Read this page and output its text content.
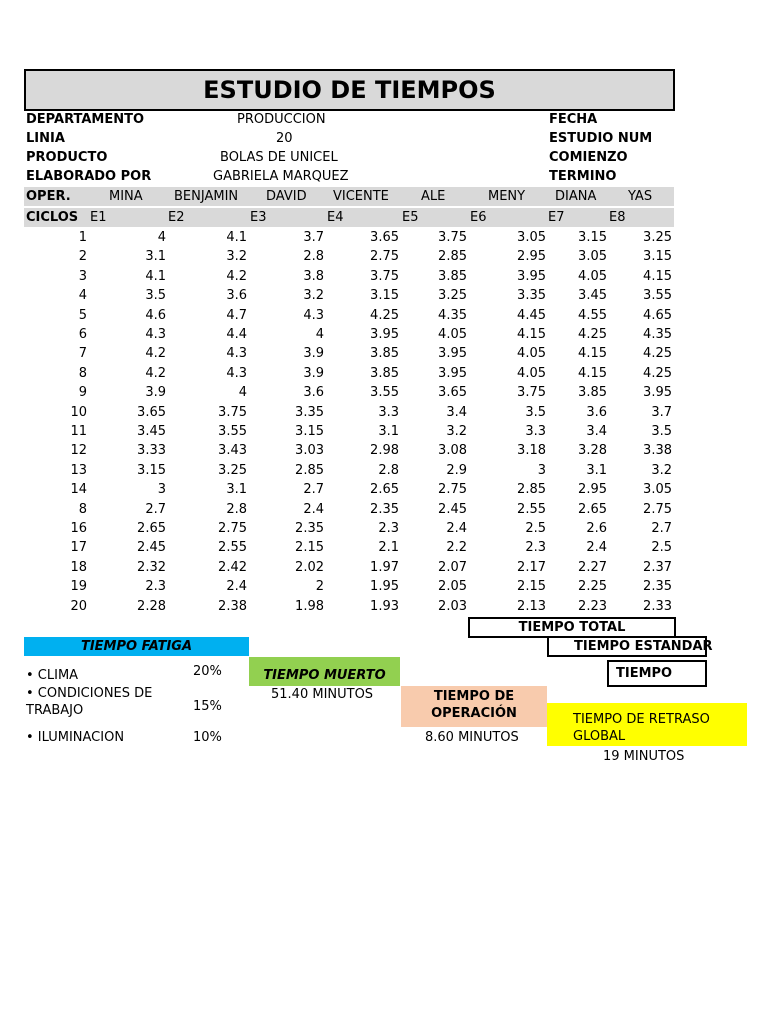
ESTUDIO DE TIEMPOS
DEPARTAMENTO	PRODUCCION	FECHA
LINIA	20	ESTUDIO NUM
PRODUCTO	BOLAS DE UNICEL	COMIENZO
ELABORADO POR	GABRIELA MARQUEZ	TERMINO
OPER.	MINA BENJAMIN DAVID VICENTE ALE	MENY DIANA YAS
CICLOS E1	E2	E3	E4	E5	E6	E7	E8
1	4	4.1	3.7	3.65	3.75	3.05	3.15	3.25
2	3.1	3.2	2.8	2.75	2.85	2.95	3.05	3.15
3	4.1	4.2	3.8	3.75	3.85	3.95	4.05	4.15
4	3.5	3.6	3.2	3.15	3.25	3.35	3.45	3.55
5	4.6	4.7	4.3	4.25	4.35	4.45	4.55	4.65
6	4.3	4.4	4	3.95	4.05	4.15	4.25	4.35
7	4.2	4.3	3.9	3.85	3.95	4.05	4.15	4.25
8	4.2	4.3	3.9	3.85	3.95	4.05	4.15	4.25
9	3.9	4	3.6	3.55	3.65	3.75	3.85	3.95
10	3.65	3.75	3.35	3.3	3.4	3.5	3.6	3.7
11	3.45	3.55	3.15	3.1	3.2	3.3	3.4	3.5
12	3.33	3.43	3.03	2.98	3.08	3.18	3.28	3.38
13	3.15	3.25	2.85	2.8	2.9	3	3.1	3.2
14	3	3.1	2.7	2.65	2.75	2.85	2.95	3.05
8	2.7	2.8	2.4	2.35	2.45	2.55	2.65	2.75
16	2.65	2.75	2.35	2.3	2.4	2.5	2.6	2.7
17	2.45	2.55	2.15	2.1	2.2	2.3	2.4	2.5
18	2.32	2.42	2.02	1.97	2.07	2.17	2.27	2.37
19	2.3	2.4	2	1.95	2.05	2.15	2.25	2.35
20	2.28	2.38	1.98	1.93	2.03	2.13	2.23	2.33
TIEMPO TOTAL
TIEMPO ESTANDAR
TIEMPO
TIEMPO FATIGA
• CLIMA	20%
• CONDICIONES DE TRABAJO	15%
• ILUMINACION	10%
TIEMPO MUERTO
51.40 MINUTOS	TIEMPO DE OPERACIÓN
8.60 MINUTOS
TIEMPO DE RETRASO GLOBAL
19 MINUTOS
